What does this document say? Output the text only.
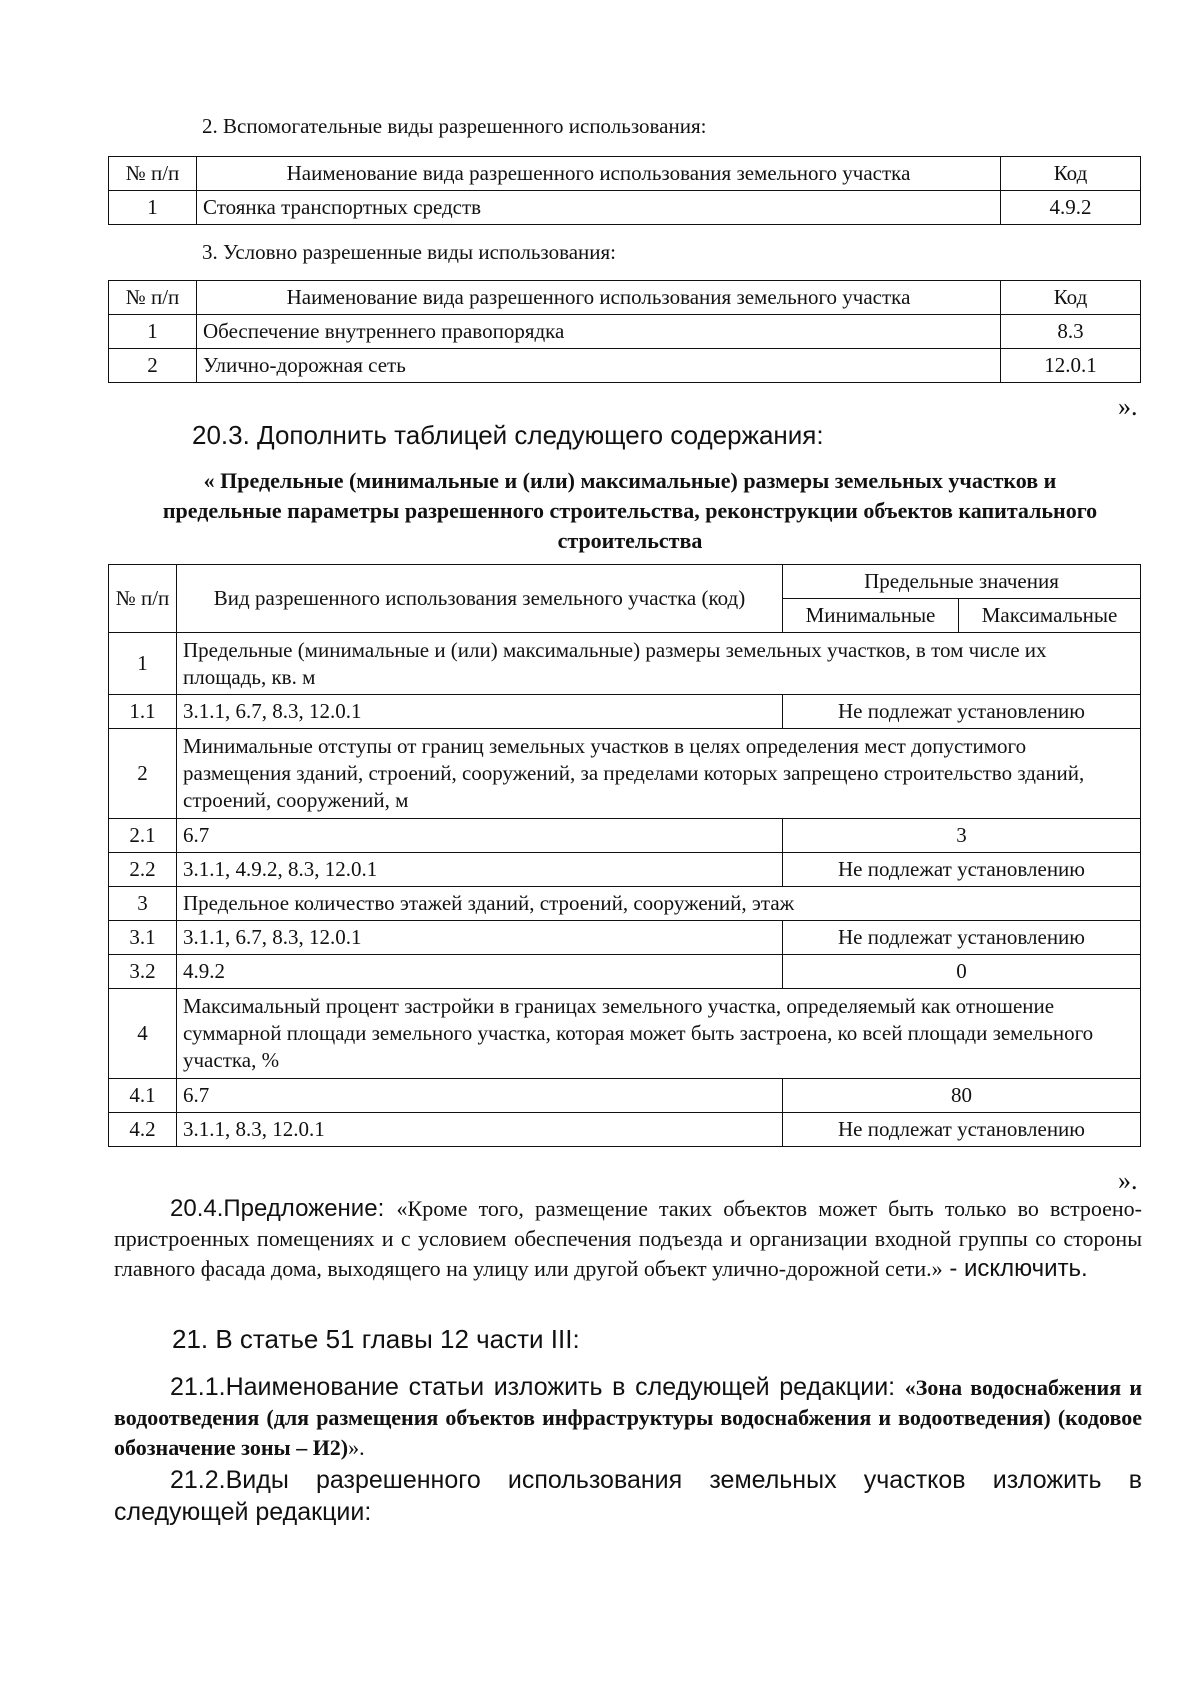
2. Вспомогательные виды разрешенного использования:
№ п/п	Наименование вида разрешенного использования земельного участка	Код
1	Стоянка транспортных средств	4.9.2
3. Условно разрешенные виды использования:
№ п/п	Наименование вида разрешенного использования земельного участка	Код
1	Обеспечение внутреннего правопорядка	8.3
2	Улично-дорожная сеть	12.0.1
».
20.3. Дополнить таблицей следующего содержания:
« Предельные (минимальные и (или) максимальные) размеры земельных участков и предельные параметры разрешенного строительства, реконструкции объектов капитального строительства
№ п/п	Вид разрешенного использования земельного участка (код)	Предельные значения	
		Минимальные	Максимальные
1	Предельные (минимальные и (или) максимальные) размеры земельных участков, в том числе их площадь, кв. м		
1.1	3.1.1, 6.7, 8.3, 12.0.1	Не подлежат установлению	
2	Минимальные отступы от границ земельных участков в целях определения мест допустимого размещения зданий, строений, сооружений, за пределами которых запрещено строительство зданий, строений, сооружений, м		
2.1	6.7	3	
2.2	3.1.1, 4.9.2, 8.3, 12.0.1	Не подлежат установлению	
3	Предельное количество этажей зданий, строений, сооружений, этаж		
3.1	3.1.1, 6.7, 8.3, 12.0.1	Не подлежат установлению	
3.2	4.9.2	0	
4	Максимальный процент застройки в границах земельного участка, определяемый как отношение суммарной площади земельного участка, которая может быть застроена, ко всей площади земельного участка, %		
4.1	6.7	80	
4.2	3.1.1, 8.3, 12.0.1	Не подлежат установлению	
».
20.4.Предложение: «Кроме того, размещение таких объектов может быть только во встроено-пристроенных помещениях и с условием обеспечения подъезда и организации входной группы со стороны главного фасада дома, выходящего на улицу или другой объект улично-дорожной сети.» - исключить.
21. В статье 51 главы 12 части III:
21.1.Наименование статьи изложить в следующей редакции: «Зона водоснабжения и водоотведения (для размещения объектов инфраструктуры водоснабжения и водоотведения) (кодовое обозначение зоны – И2)».
21.2.Виды разрешенного использования земельных участков изложить в следующей редакции:
